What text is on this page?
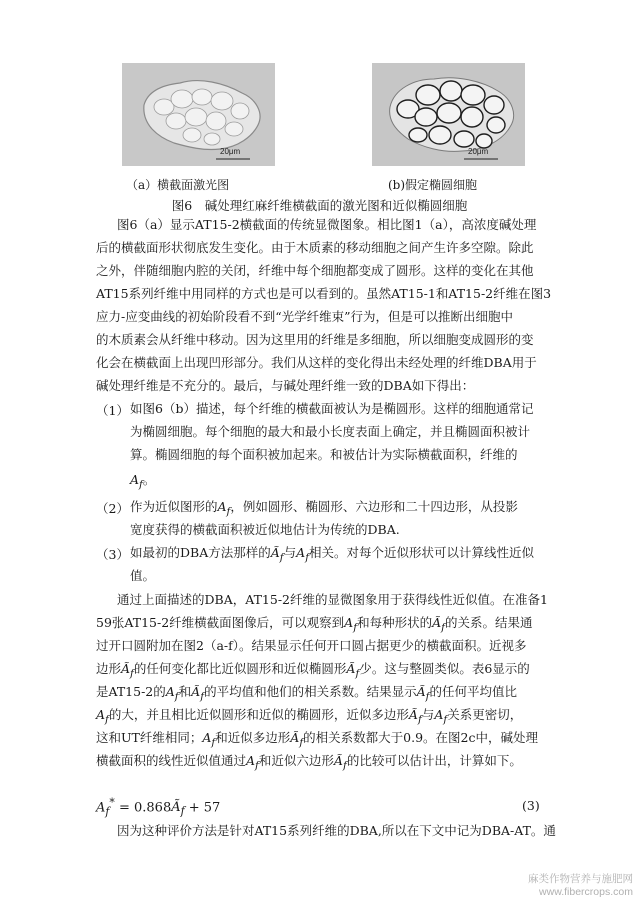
20μm	20μm
（a）横截面激光图	(b)假定椭圆细胞
图6　碱处理红麻纤维横截面的激光图和近似椭圆细胞
图6（a）显示AT15-2横截面的传统显微图象。相比图1（a），高浓度碱处理
后的横截面形状彻底发生变化。由于木质素的移动细胞之间产生许多空隙。除此
之外，伴随细胞内腔的关闭，纤维中每个细胞都变成了圆形。这样的变化在其他
AT15系列纤维中用同样的方式也是可以看到的。虽然AT15-1和AT15-2纤维在图3
应力-应变曲线的初始阶段看不到“光学纤维束”行为，但是可以推断出细胞中
的木质素会从纤维中移动。因为这里用的纤维是多细胞，所以细胞变成圆形的变
化会在横截面上出现凹形部分。我们从这样的变化得出未经处理的纤维DBA用于
碱处理纤维是不充分的。最后，与碱处理纤维一致的DBA如下得出：
（1） 如图6（b）描述，每个纤维的横截面被认为是椭圆形。这样的细胞通常记
为椭圆细胞。每个细胞的最大和最小长度表面上确定，并且椭圆面积被计
算。椭圆细胞的每个面积被加起来。和被估计为实际横截面积，纤维的
$A_f$。
（2） 作为近似图形的$A_f$，例如圆形、椭圆形、六边形和二十四边形，从投影
宽度获得的横截面积被近似地估计为传统的DBA.
（3） 如最初的DBA方法那样的$Ã_f$与$A_f$相关。对每个近似形状可以计算线性近似
值。
通过上面描述的DBA，AT15-2纤维的显微图象用于获得线性近似值。在准备1
59张AT15-2纤维横截面图像后，可以观察到$A_f$和每种形状的$Ã_f$的关系。结果通
过开口圆附加在图2（a-f）。结果显示任何开口圆占据更少的横截面积。近视多
边形$Ã_f$的任何变化都比近似圆形和近似椭圆形$Ã_f$少。这与整圆类似。表6显示的
是AT15-2的$A_f$和$Ã_f$的平均值和他们的相关系数。结果显示$Ã_f$的任何平均值比
$A_f$的大，并且相比近似圆形和近似的椭圆形，近似多边形$Ã_f$与$A_f$关系更密切，
这和UT纤维相同；$A_f$和近似多边形$Ã_f$的相关系数都大于0.9。在图2c中，碱处理
横截面积的线性近似值通过$A_f$和近似六边形$Ã_f$的比较可以估计出，计算如下。
$A_f^*$ = $0.868Ã_f + 57$	(3)
因为这种评价方法是针对AT15系列纤维的DBA,所以在下文中记为DBA-AT。通
麻类作物营养与施肥网
www.fibercrops.com
